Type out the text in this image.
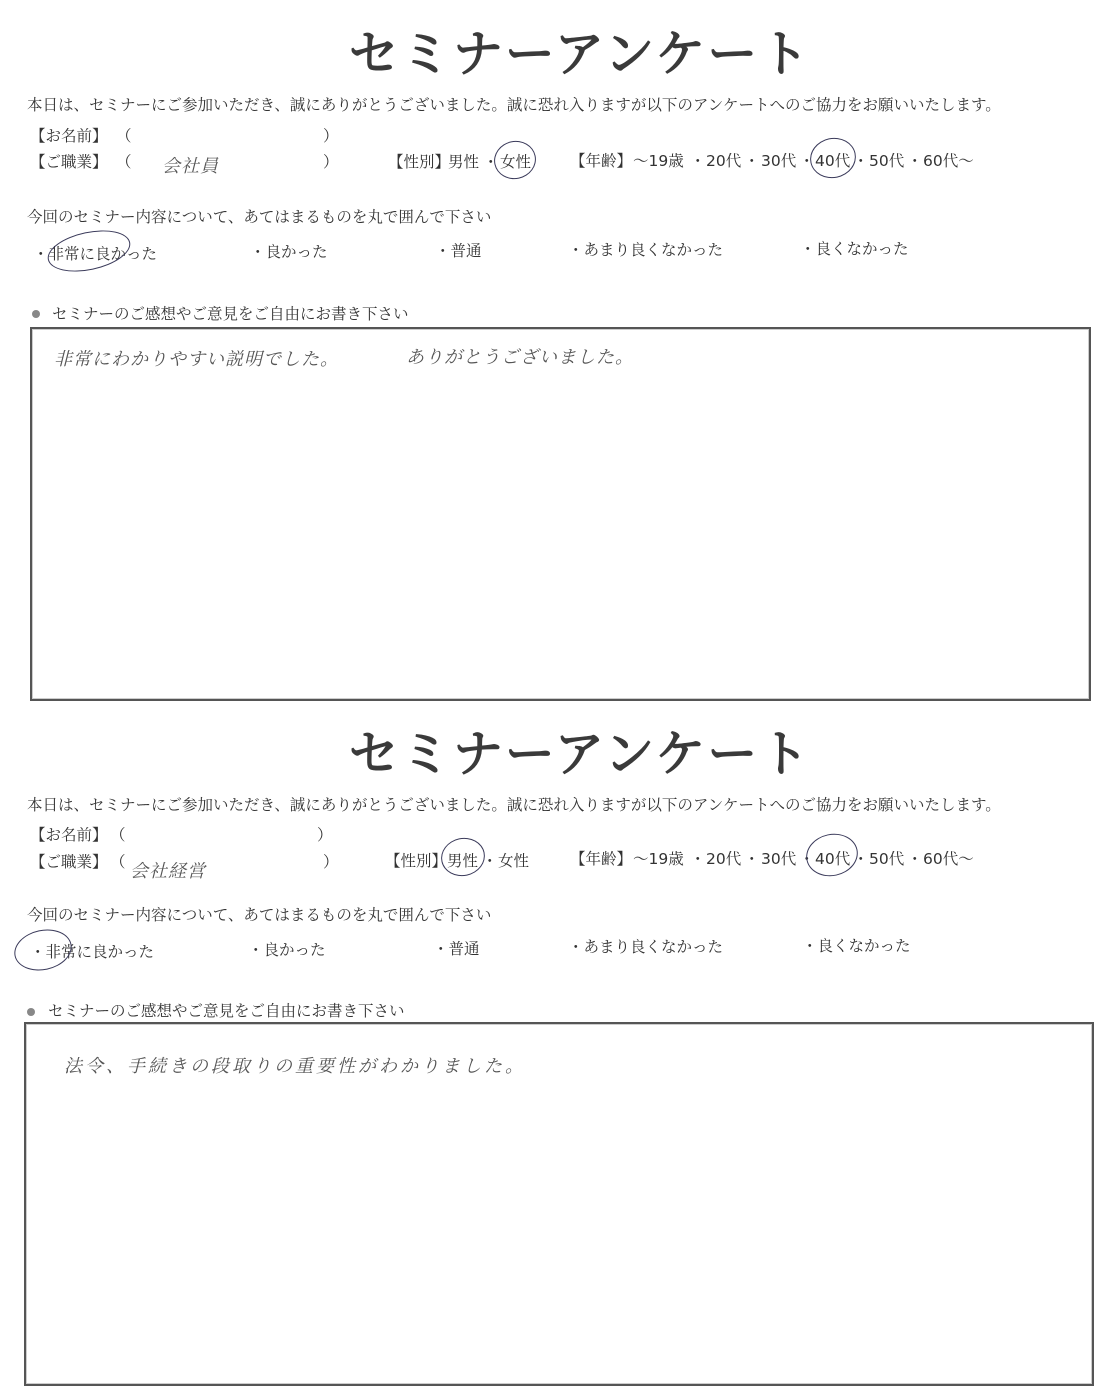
セミナーアンケート
本日は、セミナーにご参加いただき、誠にありがとうございました。誠に恐れ入りますが以下のアンケートへのご協力をお願いいたします。
【お名前】 （	）
【ご職業】 （ 会社員	）	【性別】
男性 ・ 女性	【年齢】 ～19歳 ・ 20代 ・ 30代 ・ 40代 ・ 50代 ・ 60代～
今回のセミナー内容について、あてはまるものを丸で囲んで下さい
・非常に良かった	・良かった	・普通	・あまり良くなかった	・良くなかった
セミナーのご感想やご意見をご自由にお書き下さい
非常にわかりやすい説明でした。	ありがとうございました。
セミナーアンケート
本日は、セミナーにご参加いただき、誠にありがとうございました。誠に恐れ入りますが以下のアンケートへのご協力をお願いいたします。
【お名前】 （	）
【ご職業】 （ 会社経営	）	【性別】 男性 ・ 女性	【年齢】 ～19歳 ・ 20代 ・ 30代 ・ 40代 ・ 50代 ・ 60代～
今回のセミナー内容について、あてはまるものを丸で囲んで下さい
・非常に良かった	・良かった	・普通	・あまり良くなかった	・良くなかった
セミナーのご感想やご意見をご自由にお書き下さい
法令、手続きの段取りの重要性がわかりました。
